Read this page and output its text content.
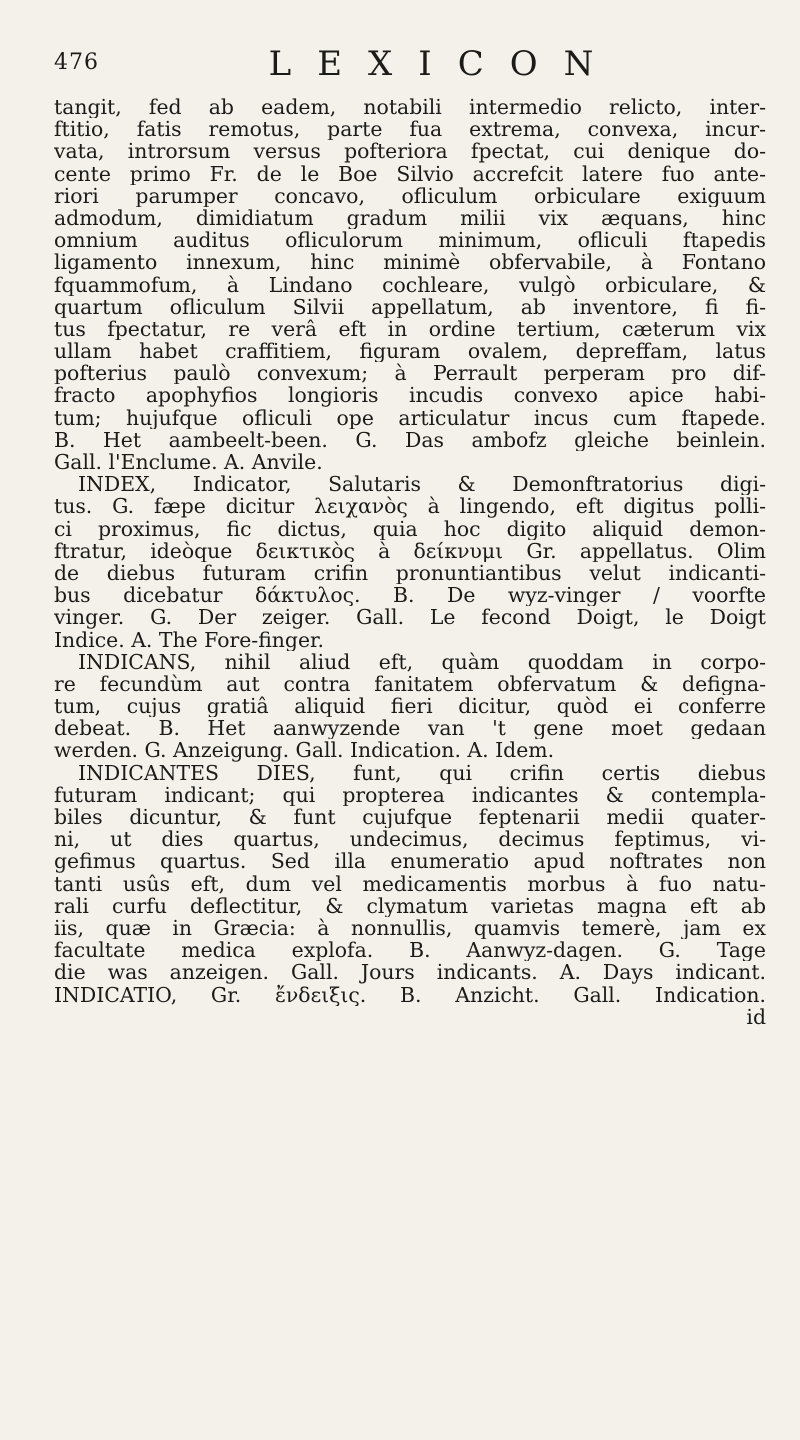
476	LEXICON
tangit, fed ab eadem, notabili intermedio relicto, inter-
ftitio, fatis remotus, parte fua extrema, convexa, incur-
vata, introrsum versus pofteriora fpectat, cui denique do-
cente primo Fr. de le Boe Silvio accrefcit latere fuo ante-
riori parumper concavo, ofliculum orbiculare exiguum
admodum, dimidiatum gradum milii vix æquans, hinc
omnium auditus ofliculorum minimum, ofliculi ftapedis
ligamento innexum, hinc minimè obfervabile, à Fontano
fquammofum, à Lindano cochleare, vulgò orbiculare, &
quartum ofliculum Silvii appellatum, ab inventore, fi fi-
tus fpectatur, re verâ eft in ordine tertium, cæterum vix
ullam habet craffitiem, figuram ovalem, depreffam, latus
pofterius paulò convexum; à Perrault perperam pro dif-
fracto apophyfios longioris incudis convexo apice habi-
tum; hujufque ofliculi ope articulatur incus cum ftapede.
B. Het aambeelt-been. G. Das ambofz gleiche beinlein.
Gall. l'Enclume. A. Anvile.
INDEX, Indicator, Salutaris & Demonftratorius digi-
tus. G. fæpe dicitur λειχανὸς à lingendo, eft digitus polli-
ci proximus, fic dictus, quia hoc digito aliquid demon-
ftratur, ideòque δεικτικὸς à δείκνυμι Gr. appellatus. Olim
de diebus futuram crifin pronuntiantibus velut indicanti-
bus dicebatur δάκτυλος. B. De wyz-vinger / voorfte
vinger. G. Der zeiger. Gall. Le fecond Doigt, le Doigt
Indice. A. The Fore-finger.
INDICANS, nihil aliud eft, quàm quoddam in corpo-
re fecundùm aut contra fanitatem obfervatum & defigna-
tum, cujus gratiâ aliquid fieri dicitur, quòd ei conferre
debeat. B. Het aanwyzende van 't gene moet gedaan
werden. G. Anzeigung. Gall. Indication. A. Idem.
INDICANTES DIES, funt, qui crifin certis diebus
futuram indicant; qui propterea indicantes & contempla-
biles dicuntur, & funt cujufque feptenarii medii quater-
ni, ut dies quartus, undecimus, decimus feptimus, vi-
gefimus quartus. Sed illa enumeratio apud noftrates non
tanti usûs eft, dum vel medicamentis morbus à fuo natu-
rali curfu deflectitur, & clymatum varietas magna eft ab
iis, quæ in Græcia: à nonnullis, quamvis temerè, jam ex
facultate medica explofa. B. Aanwyz-dagen. G. Tage
die was anzeigen. Gall. Jours indicants. A. Days indicant.
INDICATIO, Gr. ἔνδειξις. B. Anzicht. Gall. Indication.
id
